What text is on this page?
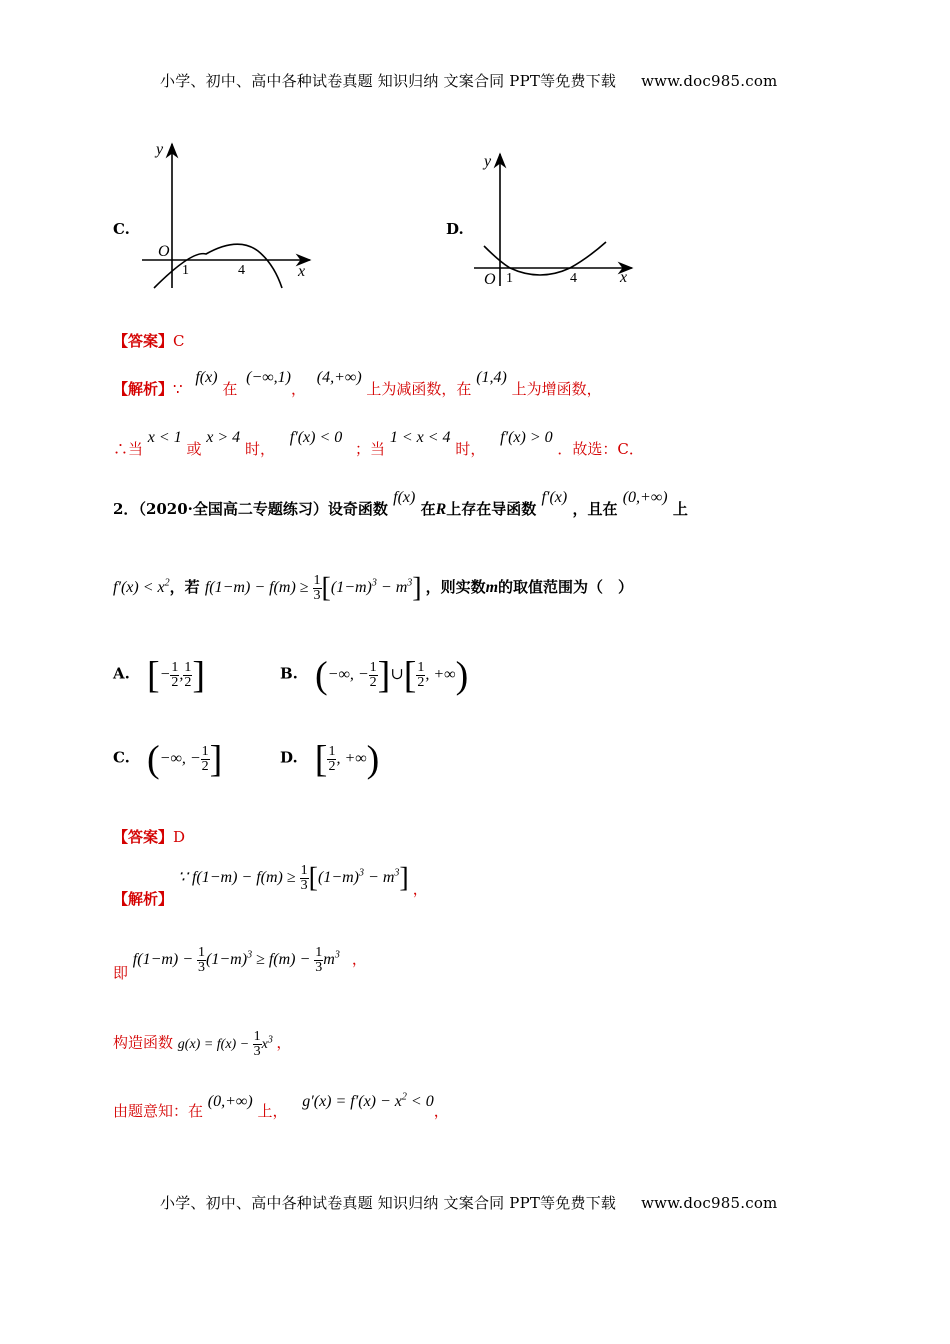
小学、初中、高中各种试卷真题 知识归纳 文案合同 PPT等免费下载 www.doc985.com
C.
y
x
O
1	4
D.
y
x
O 1	4
【答案】C
【解析】∵ f(x) 在 (−∞,1)， (4,+∞) 上为减函数，在 (1,4) 上为增函数，
∴当 x < 1 或 x > 4 时， f′(x) < 0 ；当 1 < x < 4 时， f′(x) > 0 ．故选：C．
2．（2020·全国高二专题练习）设奇函数 f(x) 在R上存在导函数 f′(x) ，且在 (0,+∞) 上
$f'(x) < x^2$，若 $f(1-m) - f(m) \ge \frac{1}{3} [(1-m)^3 - m^3]$ ，则实数m的取值范围为（　）
A. [− $\frac{1}{2}$ , $\frac{1}{2}$ ]	B. (−∞, − $\frac{1}{2}$ ]∪[ $\frac{1}{2}$ , +∞)
C. (−∞, − $\frac{1}{2}$ ]	D. [ $\frac{1}{2}$ , +∞)
【答案】D
【解析】 ∵ $f(1-m) - f(m) \ge \frac{1}{3} [(1-m)^3 - m^3]$ ，
即 $f(1-m) - \frac{1}{3} (1-m)^3 \ge f(m) - \frac{1}{3} m^3$ ，
构造函数 $g(x) = f(x) - \frac{1}{3} x^3$ ，
由题意知：在 (0,+∞) 上， $g'(x) = f'(x) - x^2 < 0$，
小学、初中、高中各种试卷真题 知识归纳 文案合同 PPT等免费下载 www.doc985.com
